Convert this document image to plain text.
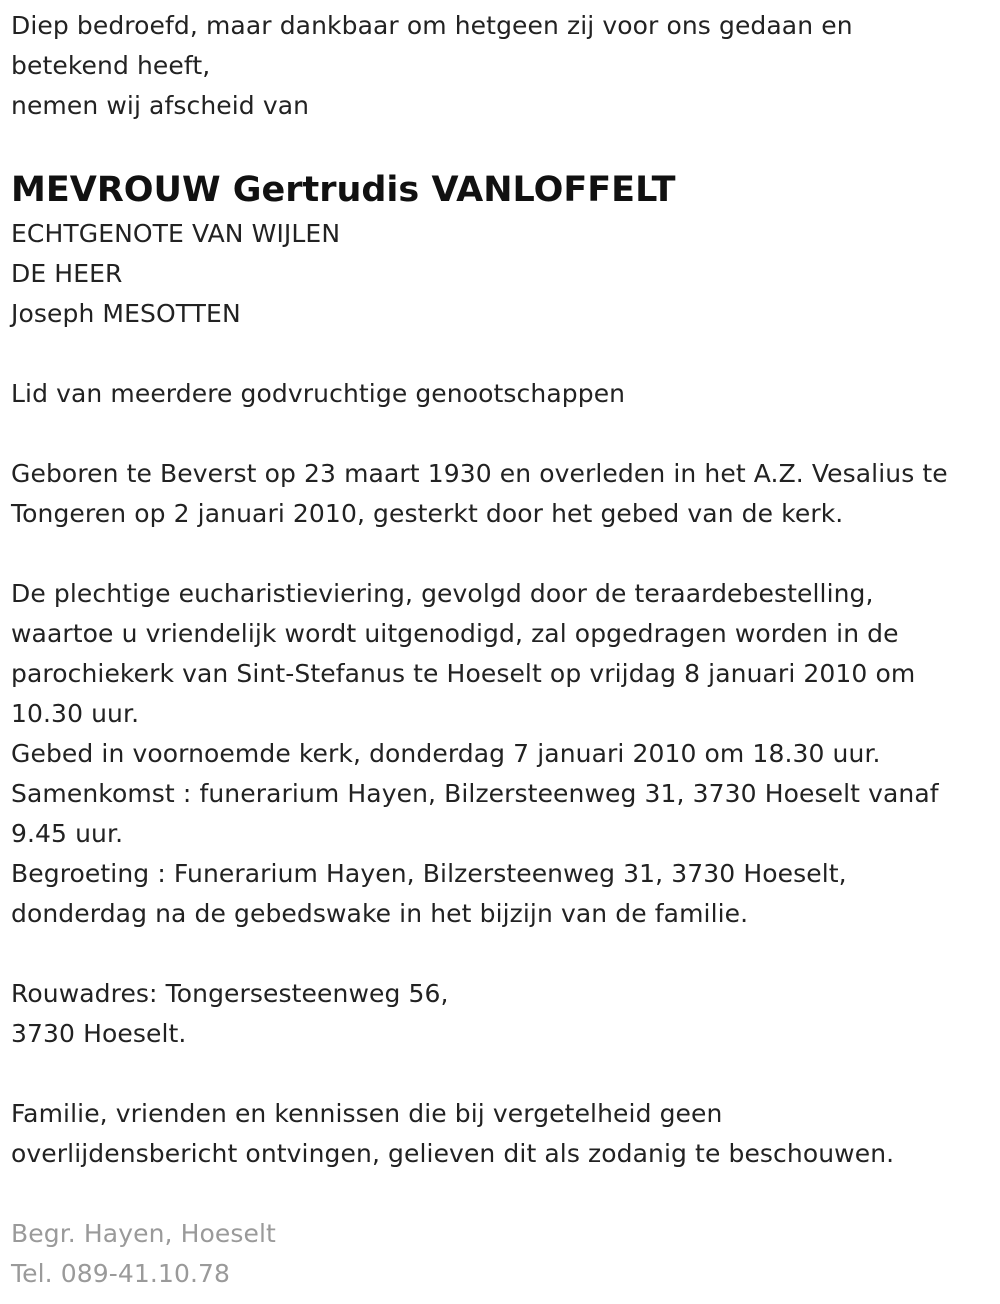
Diep bedroefd, maar dankbaar om hetgeen zij voor ons gedaan en
betekend heeft,
nemen wij afscheid van
MEVROUW Gertrudis VANLOFFELT
ECHTGENOTE VAN WIJLEN
DE HEER
Joseph MESOTTEN
Lid van meerdere godvruchtige genootschappen
Geboren te Beverst op 23 maart 1930 en overleden in het A.Z. Vesalius te
Tongeren op 2 januari 2010, gesterkt door het gebed van de kerk.
De plechtige eucharistieviering, gevolgd door de teraardebestelling,
waartoe u vriendelijk wordt uitgenodigd, zal opgedragen worden in de
parochiekerk van Sint-Stefanus te Hoeselt op vrijdag 8 januari 2010 om
10.30 uur.
Gebed in voornoemde kerk, donderdag 7 januari 2010 om 18.30 uur.
Samenkomst : funerarium Hayen, Bilzersteenweg 31, 3730 Hoeselt vanaf
9.45 uur.
Begroeting : Funerarium Hayen, Bilzersteenweg 31, 3730 Hoeselt,
donderdag na de gebedswake in het bijzijn van de familie.
Rouwadres: Tongersesteenweg 56,
3730 Hoeselt.
Familie, vrienden en kennissen die bij vergetelheid geen
overlijdensbericht ontvingen, gelieven dit als zodanig te beschouwen.
Begr. Hayen, Hoeselt
Tel. 089-41.10.78
